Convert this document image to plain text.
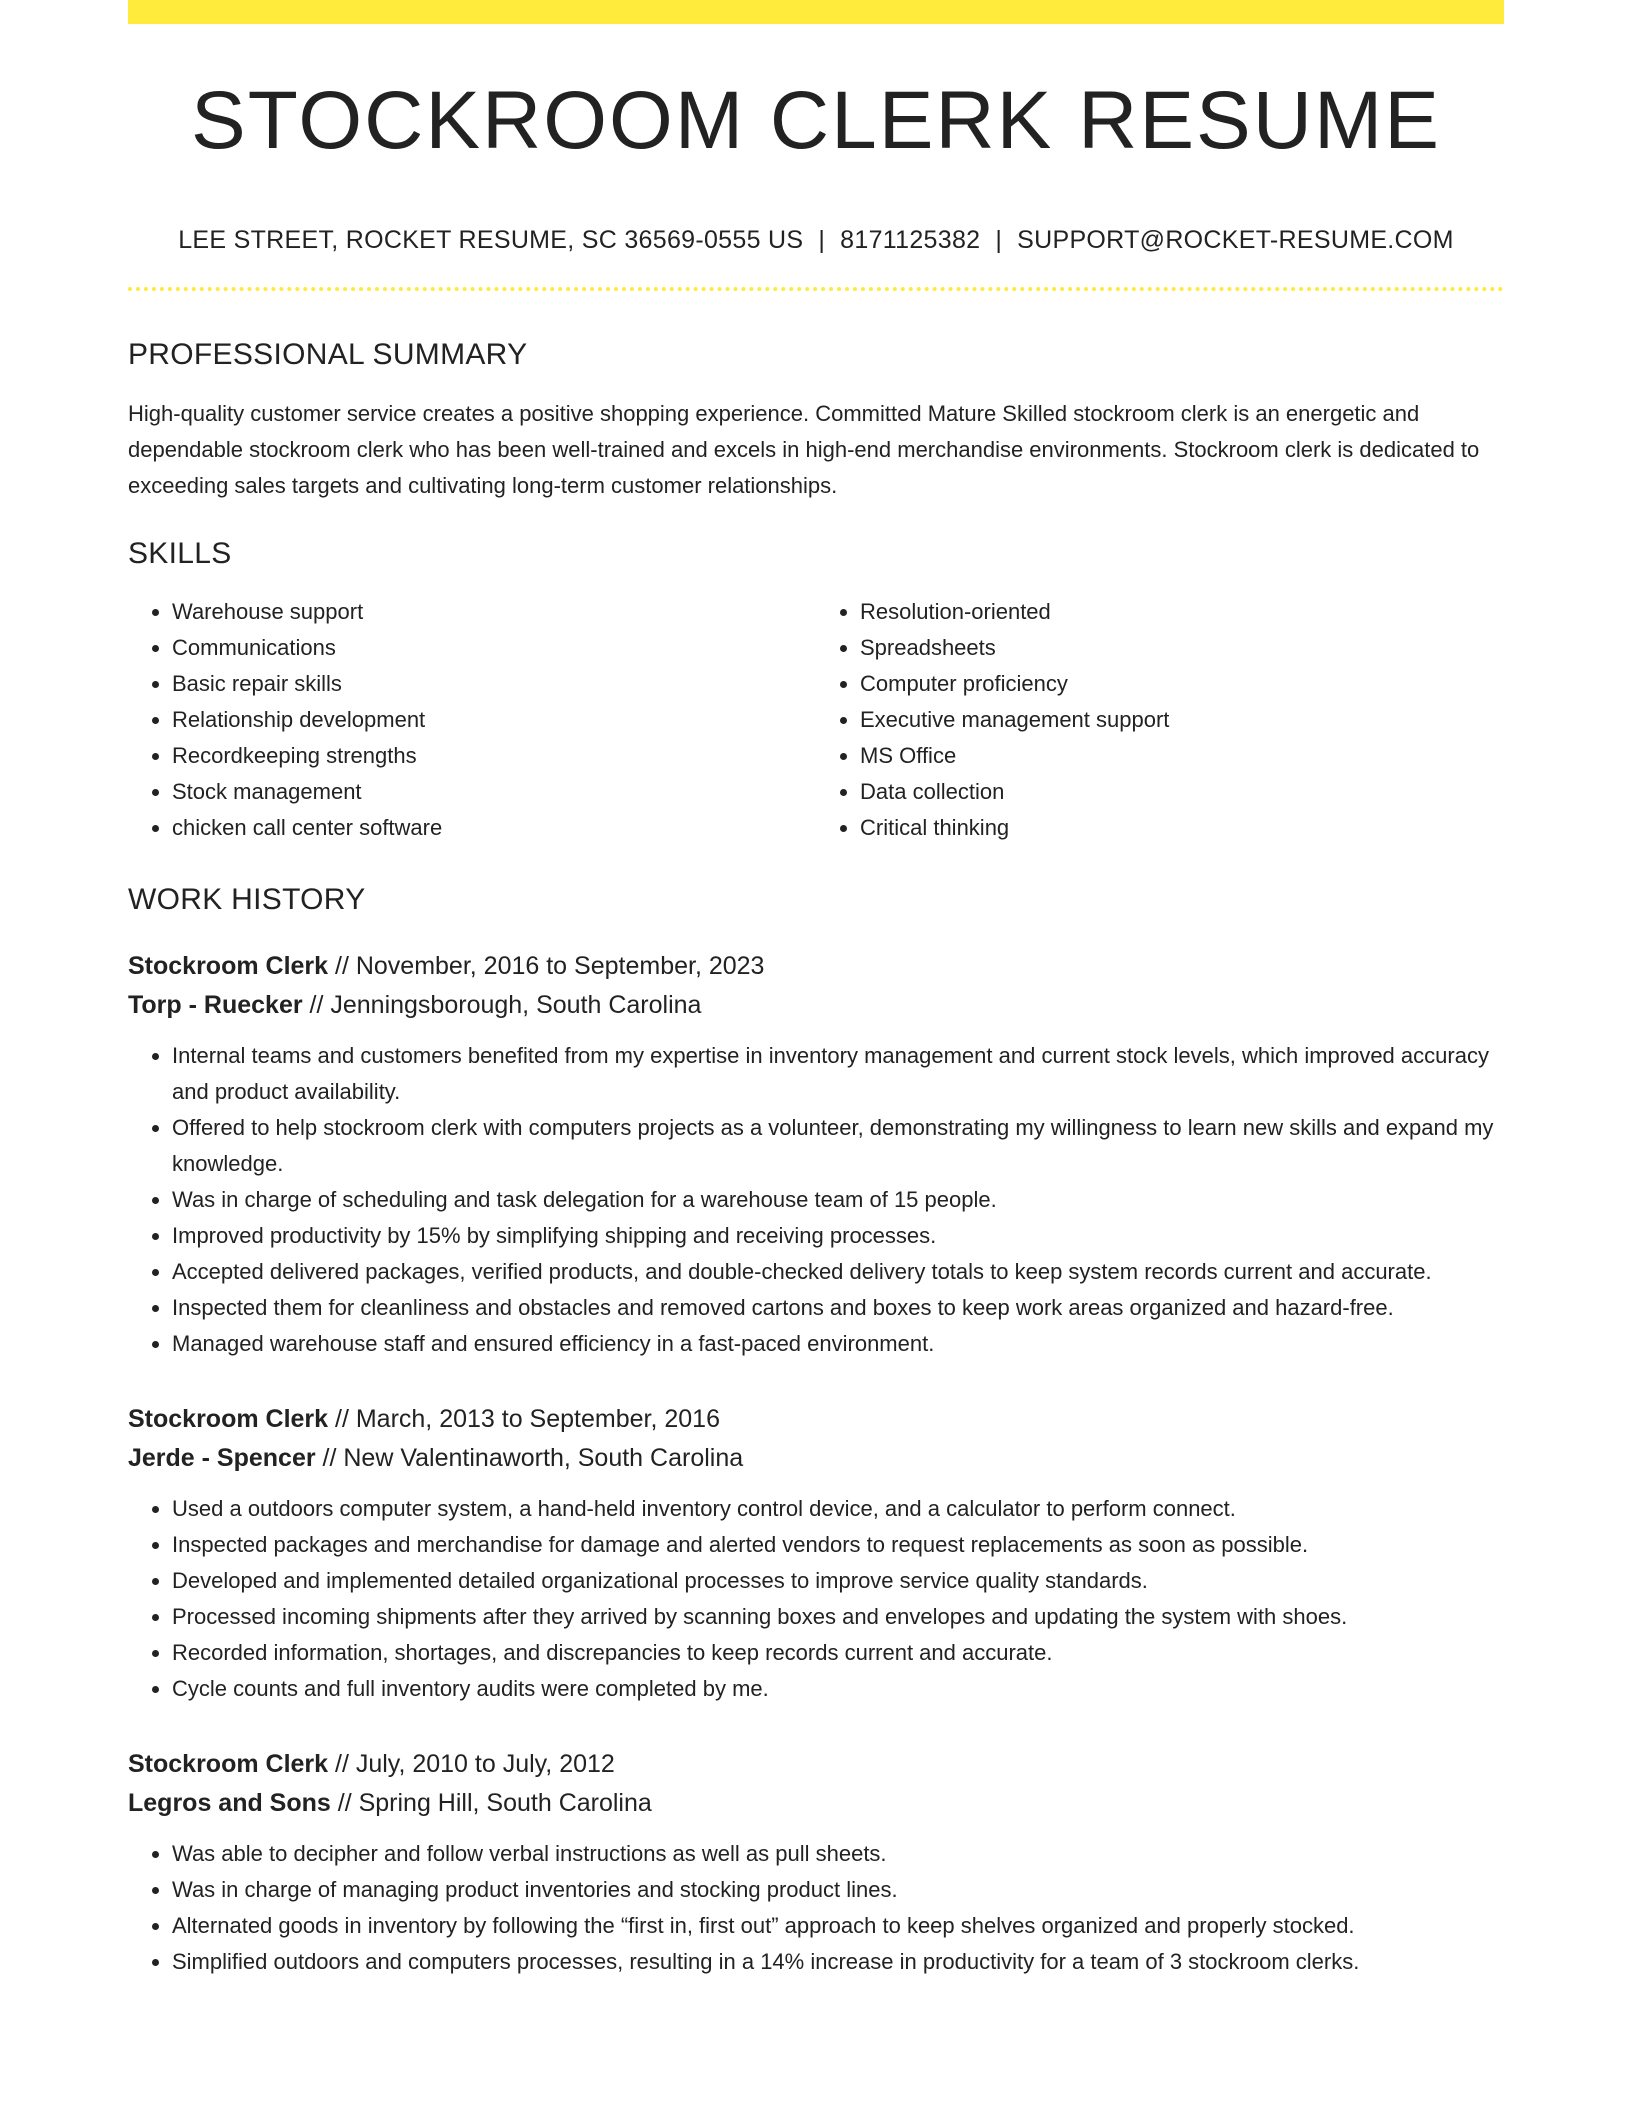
STOCKROOM CLERK RESUME
LEE STREET, ROCKET RESUME, SC 36569-0555 US | 8171125382 | SUPPORT@ROCKET-RESUME.COM
PROFESSIONAL SUMMARY

High-quality customer service creates a positive shopping experience. Committed Mature Skilled stockroom clerk is an energetic and dependable stockroom clerk who has been well-trained and excels in high-end merchandise environments. Stockroom clerk is dedicated to exceeding sales targets and cultivating long-term customer relationships.

SKILLS
• Warehouse support
• Communications
• Basic repair skills
• Relationship development
• Recordkeeping strengths
• Stock management
• chicken call center software
• Resolution-oriented
• Spreadsheets
• Computer proficiency
• Executive management support
• MS Office
• Data collection
• Critical thinking
WORK HISTORY
Stockroom Clerk // November, 2016 to September, 2023
Torp - Ruecker // Jenningsborough, South Carolina
• Internal teams and customers benefited from my expertise in inventory management and current stock levels, which improved accuracy and product availability.
• Offered to help stockroom clerk with computers projects as a volunteer, demonstrating my willingness to learn new skills and expand my knowledge.
• Was in charge of scheduling and task delegation for a warehouse team of 15 people.
• Improved productivity by 15% by simplifying shipping and receiving processes.
• Accepted delivered packages, verified products, and double-checked delivery totals to keep system records current and accurate.
• Inspected them for cleanliness and obstacles and removed cartons and boxes to keep work areas organized and hazard-free.
• Managed warehouse staff and ensured efficiency in a fast-paced environment.
Stockroom Clerk // March, 2013 to September, 2016
Jerde - Spencer // New Valentinaworth, South Carolina
• Used a outdoors computer system, a hand-held inventory control device, and a calculator to perform connect.
• Inspected packages and merchandise for damage and alerted vendors to request replacements as soon as possible.
• Developed and implemented detailed organizational processes to improve service quality standards.
• Processed incoming shipments after they arrived by scanning boxes and envelopes and updating the system with shoes.
• Recorded information, shortages, and discrepancies to keep records current and accurate.
• Cycle counts and full inventory audits were completed by me.
Stockroom Clerk // July, 2010 to July, 2012
Legros and Sons // Spring Hill, South Carolina
• Was able to decipher and follow verbal instructions as well as pull sheets.
• Was in charge of managing product inventories and stocking product lines.
• Alternated goods in inventory by following the “first in, first out” approach to keep shelves organized and properly stocked.
• Simplified outdoors and computers processes, resulting in a 14% increase in productivity for a team of 3 stockroom clerks.
